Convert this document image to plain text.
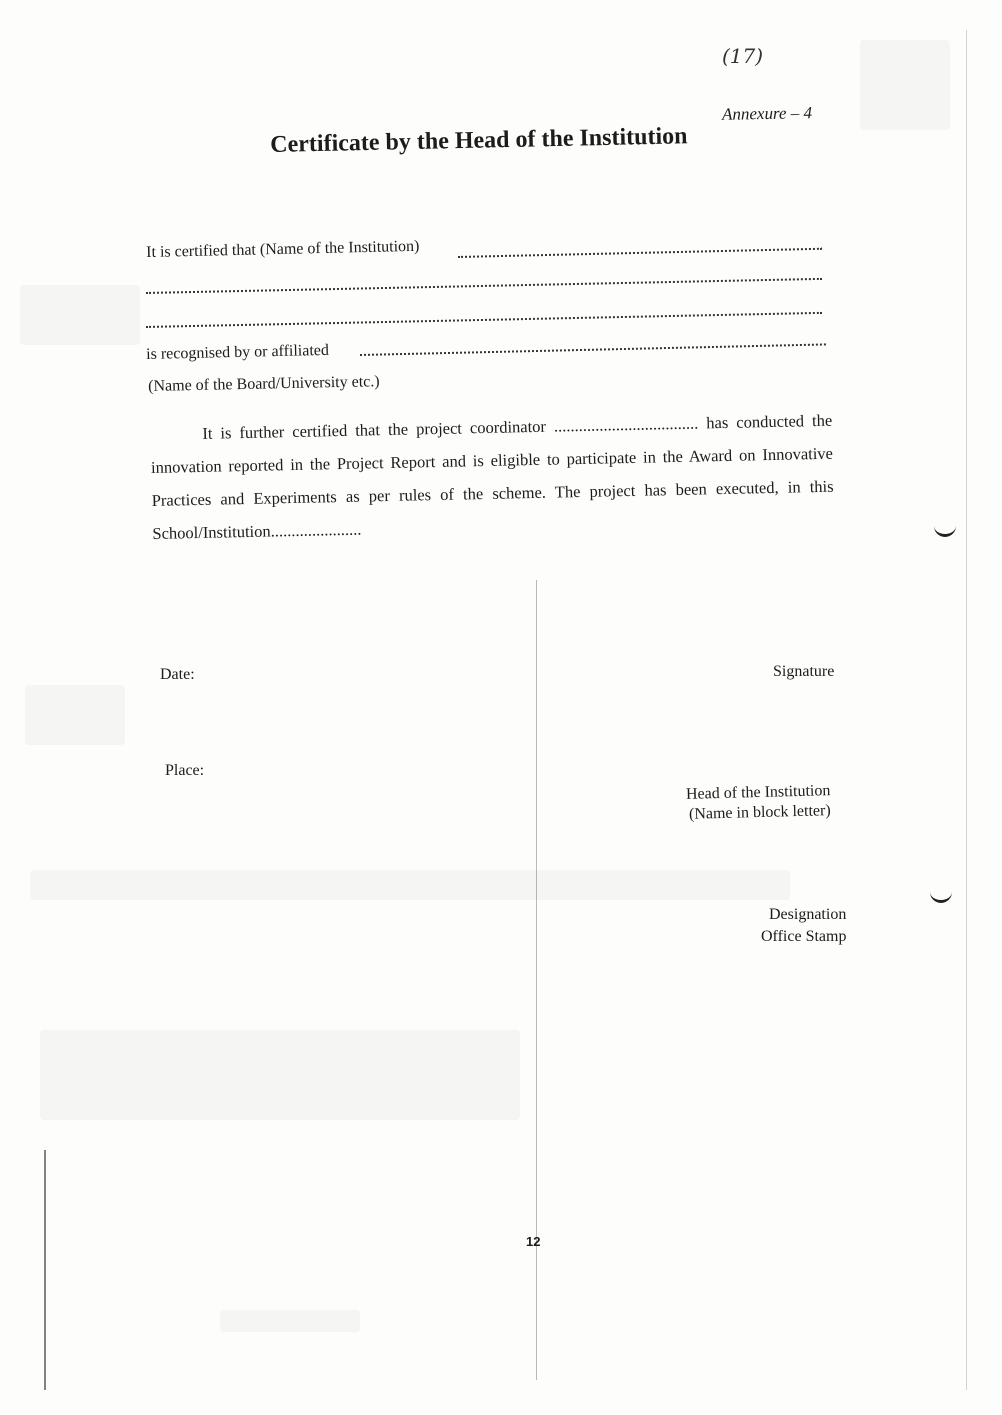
(17)
Annexure – 4
Certificate by the Head of the Institution
It is certified that (Name of the Institution)
is recognised by or affiliated
(Name of the Board/University etc.)
It is further certified that the project coordinator ................................... has conducted the innovation reported in the Project Report and is eligible to participate in the Award on Innovative Practices and Experiments as per rules of the scheme. The project has been executed, in this School/Institution......................
Date:	Signature
Place:
Head of the Institution
(Name in block letter)
Designation
Office Stamp
12
